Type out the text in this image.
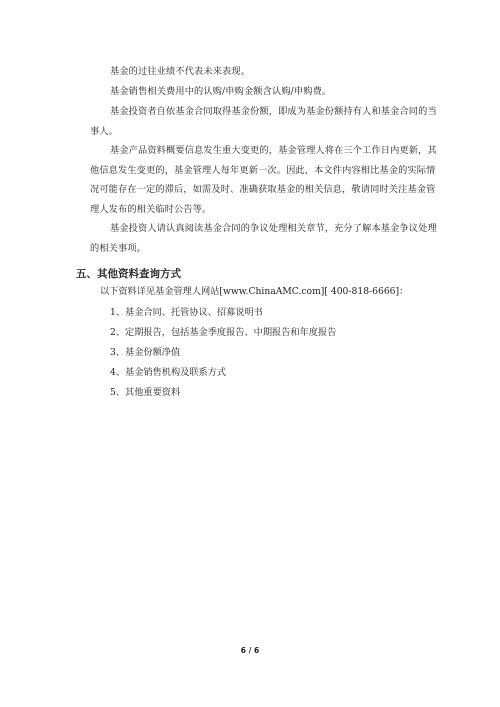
基金的过往业绩不代表未来表现。

基金销售相关费用中的认购/申购金额含认购/申购费。

基金投资者自依基金合同取得基金份额，即成为基金份额持有人和基金合同的当事人。

基金产品资料概要信息发生重大变更的，基金管理人将在三个工作日内更新，其他信息发生变更的，基金管理人每年更新一次。因此，本文件内容相比基金的实际情况可能存在一定的滞后，如需及时、准确获取基金的相关信息，敬请同时关注基金管理人发布的相关临时公告等。

基金投资人请认真阅读基金合同的争议处理相关章节，充分了解本基金争议处理的相关事项。

五、其他资料查询方式
以下资料详见基金管理人网站[www.ChinaAMC.com][ 400-818-6666]：
1、基金合同、托管协议、招募说明书
2、定期报告，包括基金季度报告、中期报告和年度报告
3、基金份额净值
4、基金销售机构及联系方式
5、其他重要资料
6 / 6
